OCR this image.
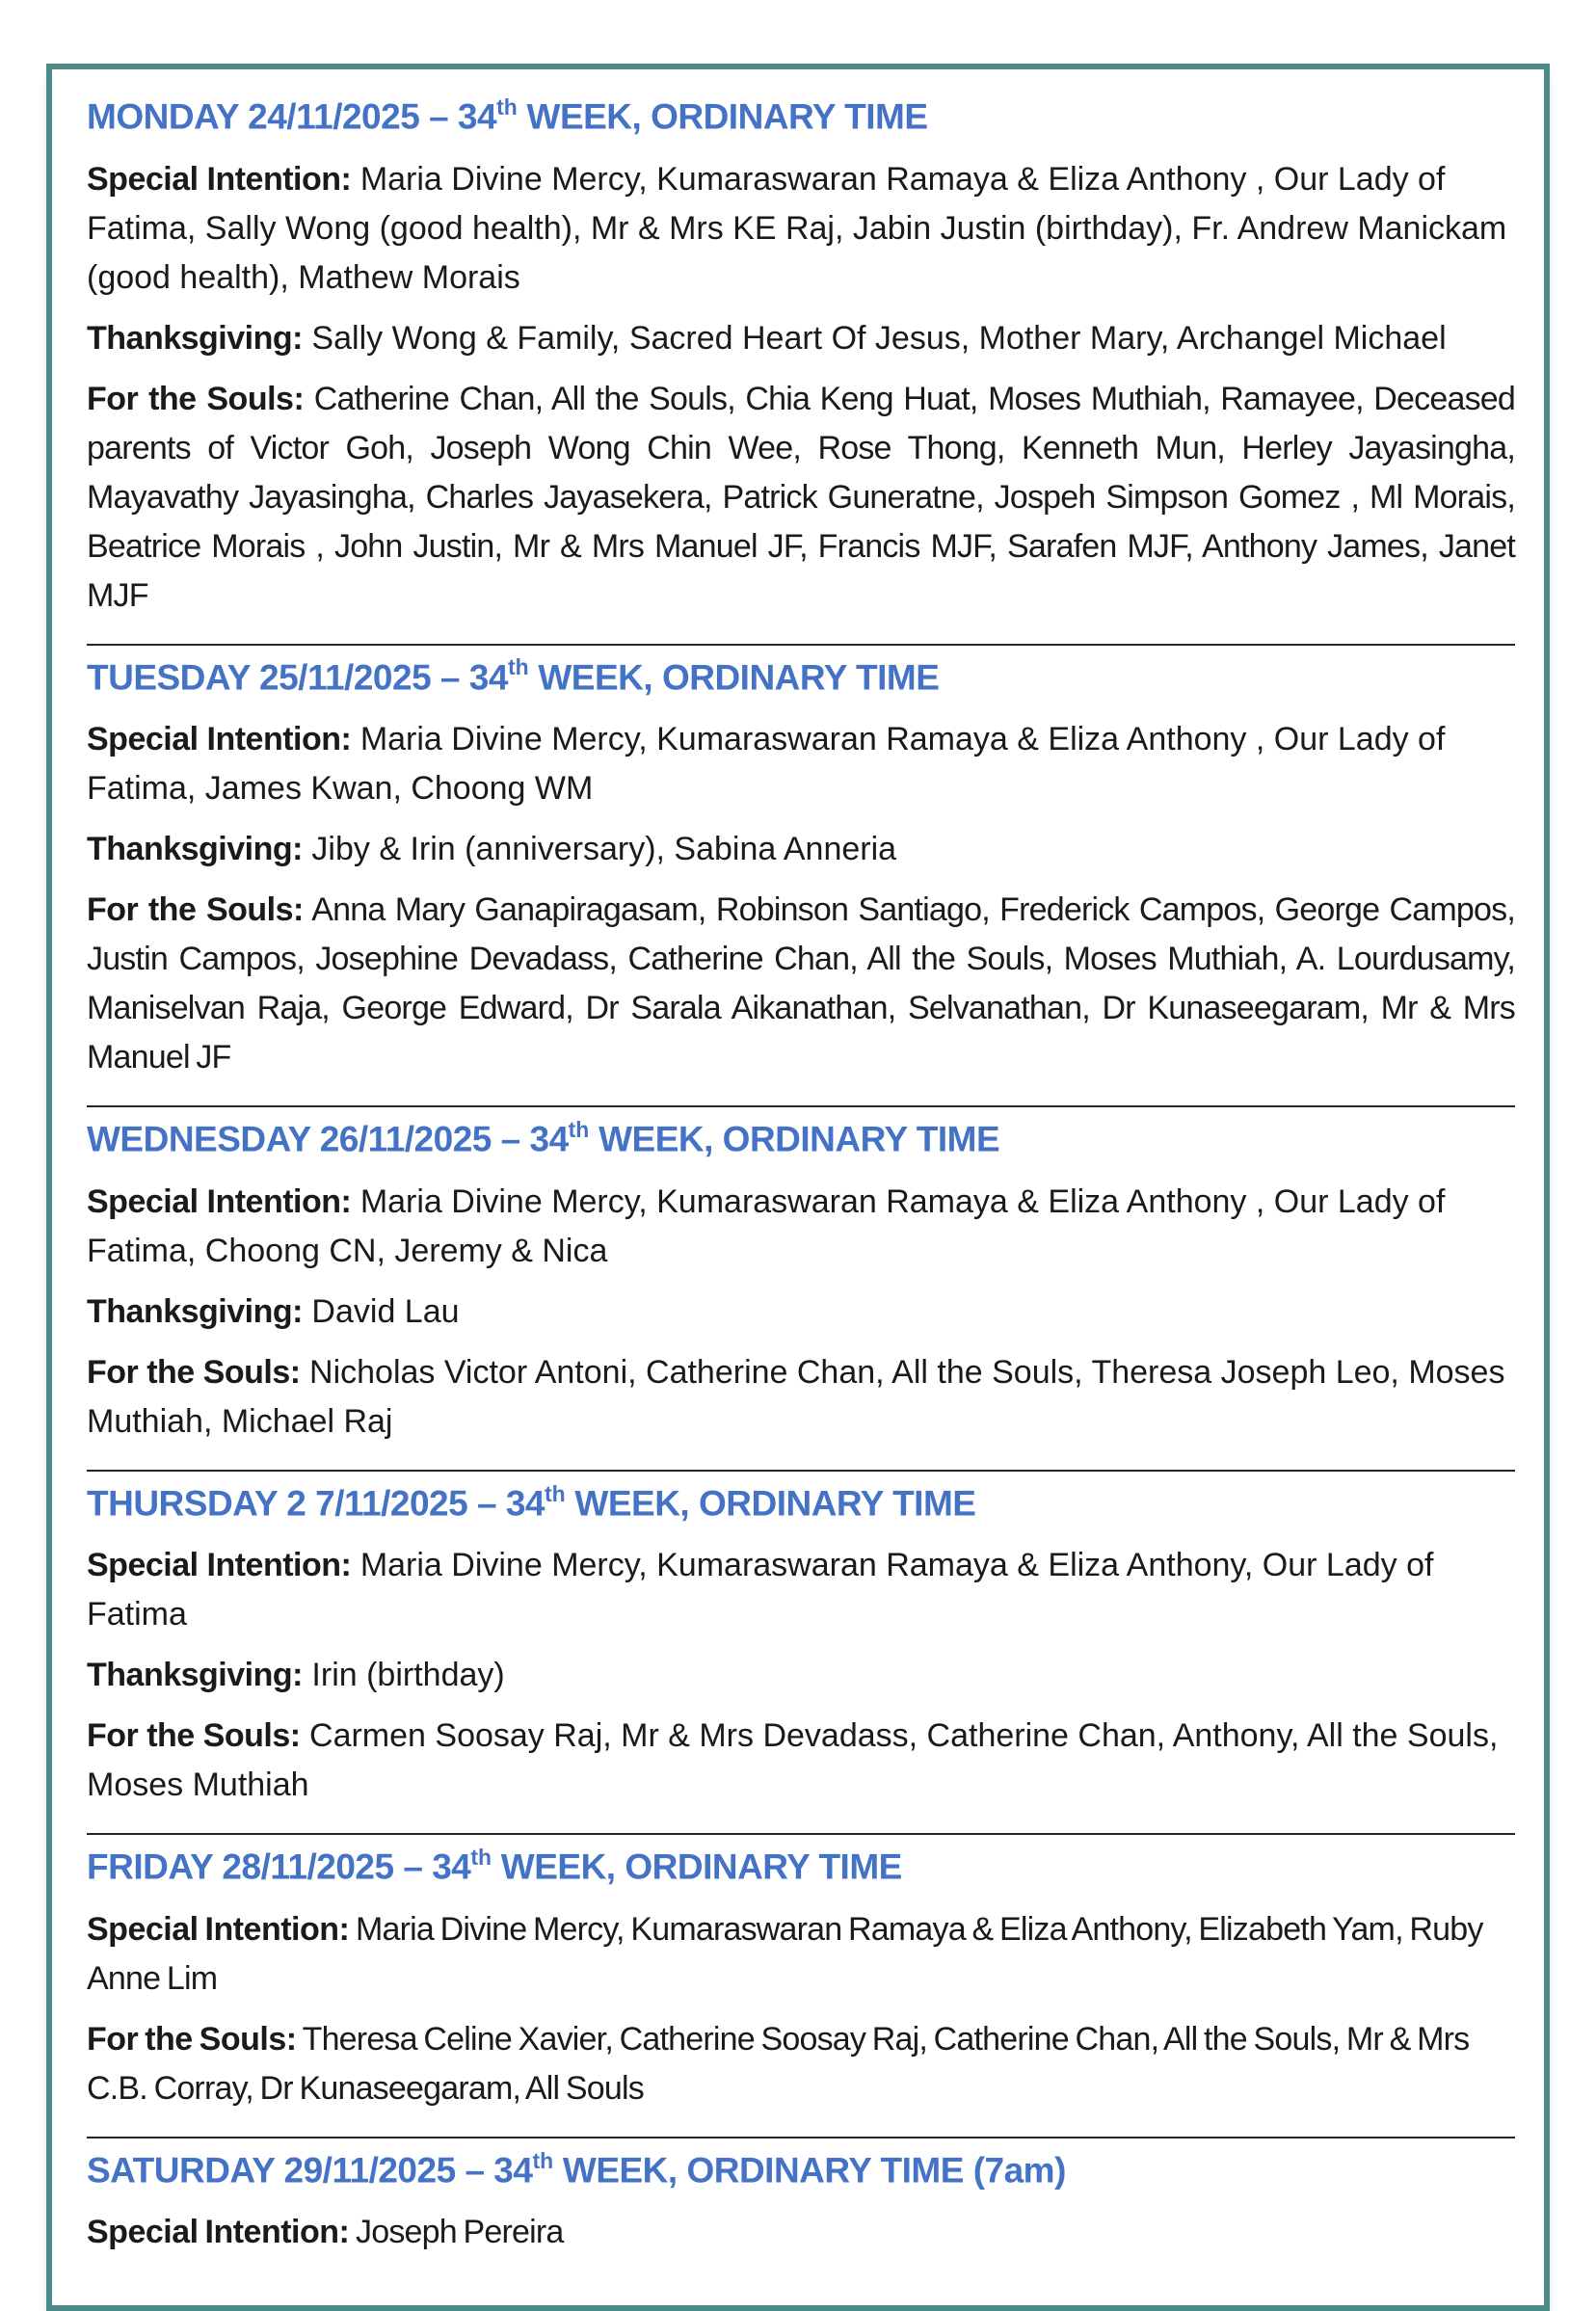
MONDAY 24/11/2025 – 34th WEEK, ORDINARY TIME

Special Intention: Maria Divine Mercy, Kumaraswaran Ramaya & Eliza Anthony , Our Lady of Fatima, Sally Wong (good health), Mr & Mrs KE Raj, Jabin Justin (birthday), Fr. Andrew Manickam (good health), Mathew Morais

Thanksgiving: Sally Wong & Family, Sacred Heart Of Jesus, Mother Mary, Archangel Michael

For the Souls: Catherine Chan, All the Souls, Chia Keng Huat, Moses Muthiah, Ramayee, Deceased parents of Victor Goh, Joseph Wong Chin Wee, Rose Thong, Kenneth Mun, Herley Jayasingha, Mayavathy Jayasingha, Charles Jayasekera, Patrick Guneratne, Jospeh Simpson Gomez , Ml Morais, Beatrice Morais , John Justin, Mr & Mrs Manuel JF, Francis MJF, Sarafen MJF, Anthony James, Janet MJF

TUESDAY 25/11/2025 – 34th WEEK, ORDINARY TIME

Special Intention: Maria Divine Mercy, Kumaraswaran Ramaya & Eliza Anthony , Our Lady of Fatima, James Kwan, Choong WM

Thanksgiving: Jiby & Irin (anniversary), Sabina Anneria

For the Souls: Anna Mary Ganapiragasam, Robinson Santiago, Frederick Campos, George Campos, Justin Campos, Josephine Devadass, Catherine Chan, All the Souls, Moses Muthiah, A. Lourdusamy, Maniselvan Raja, George Edward, Dr Sarala Aikanathan, Selvanathan, Dr Kunaseegaram, Mr & Mrs Manuel JF

WEDNESDAY 26/11/2025 – 34th WEEK, ORDINARY TIME

Special Intention: Maria Divine Mercy, Kumaraswaran Ramaya & Eliza Anthony , Our Lady of Fatima, Choong CN, Jeremy & Nica

Thanksgiving: David Lau

For the Souls: Nicholas Victor Antoni, Catherine Chan, All the Souls, Theresa Joseph Leo, Moses Muthiah, Michael Raj

THURSDAY 2 7/11/2025 – 34th WEEK, ORDINARY TIME

Special Intention: Maria Divine Mercy, Kumaraswaran Ramaya & Eliza Anthony, Our Lady of Fatima

Thanksgiving: Irin (birthday)

For the Souls: Carmen Soosay Raj, Mr & Mrs Devadass, Catherine Chan, Anthony, All the Souls, Moses Muthiah

FRIDAY 28/11/2025 – 34th WEEK, ORDINARY TIME

Special Intention: Maria Divine Mercy, Kumaraswaran Ramaya & Eliza Anthony, Elizabeth Yam, Ruby Anne Lim

For the Souls: Theresa Celine Xavier, Catherine Soosay Raj, Catherine Chan, All the Souls, Mr & Mrs C.B. Corray, Dr Kunaseegaram, All Souls

SATURDAY 29/11/2025 – 34th WEEK, ORDINARY TIME (7am)

Special Intention: Joseph Pereira
